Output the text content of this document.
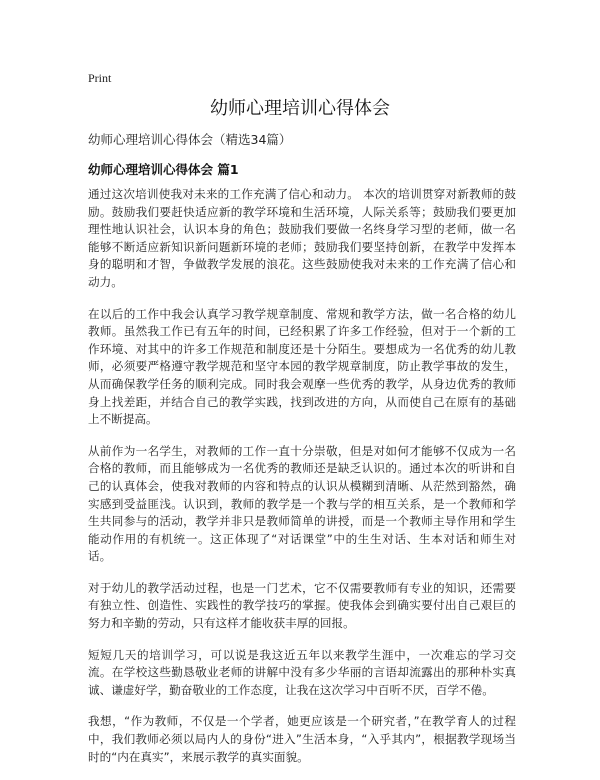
Print
幼师心理培训心得体会

幼师心理培训心得体会（精选34篇）

幼师心理培训心得体会 篇1

通过这次培训使我对未来的工作充满了信心和动力。 本次的培训贯穿对新教师的鼓励。鼓励我们要赶快适应新的教学环境和生活环境，人际关系等；鼓励我们要更加理性地认识社会，认识本身的角色；鼓励我们要做一名终身学习型的老师，做一名能够不断适应新知识新问题新环境的老师；鼓励我们要坚持创新，在教学中发挥本身的聪明和才智，争做教学发展的浪花。这些鼓励使我对未来的工作充满了信心和动力。

在以后的工作中我会认真学习教学规章制度、常规和教学方法，做一名合格的幼儿教师。虽然我工作已有五年的时间，已经积累了许多工作经验，但对于一个新的工作环境、对其中的许多工作规范和制度还是十分陌生。要想成为一名优秀的幼儿教师，必须要严格遵守教学规范和坚守本园的教学规章制度，防止教学事故的发生，从而确保教学任务的顺利完成。同时我会观摩一些优秀的教学，从身边优秀的教师身上找差距，并结合自己的教学实践，找到改进的方向，从而使自己在原有的基础上不断提高。

从前作为一名学生，对教师的工作一直十分崇敬，但是对如何才能够不仅成为一名合格的教师，而且能够成为一名优秀的教师还是缺乏认识的。通过本次的听讲和自己的认真体会，使我对教师的内容和特点的认识从模糊到清晰、从茫然到豁然，确实感到受益匪浅。认识到，教师的教学是一个教与学的相互关系，是一个教师和学生共同参与的活动，教学并非只是教师简单的讲授，而是一个教师主导作用和学生能动作用的有机统一。这正体现了“对话课堂”中的生生对话、生本对话和师生对话。

对于幼儿的教学活动过程，也是一门艺术，它不仅需要教师有专业的知识，还需要有独立性、创造性、实践性的教学技巧的掌握。使我体会到确实要付出自己艰巨的努力和辛勤的劳动，只有这样才能收获丰厚的回报。

短短几天的培训学习，可以说是我这近五年以来教学生涯中，一次难忘的学习交流。在学校这些勤恳敬业老师的讲解中没有多少华丽的言语却流露出的那种朴实真诚、谦虚好学，勤奋敬业的工作态度，让我在这次学习中百听不厌，百学不倦。

我想，“作为教师，不仅是一个学者，她更应该是一个研究者，”在教学育人的过程中，我们教师必须以局内人的身份“进入”生活本身，“入乎其内”，根据教学现场当时的“内在真实”，来展示教学的真实面貌。
